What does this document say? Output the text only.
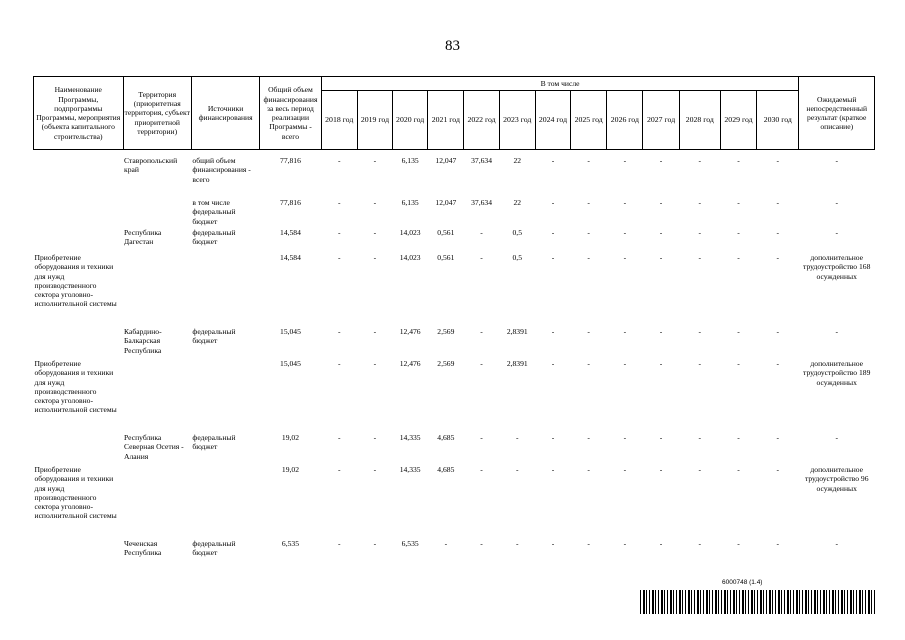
83
Наименование Программы, подпрограммы Программы, мероприятия (объекта капитального строительства)	Территория (приоритетная территория, субъект приоритетной территории)	Источники финансирования	Общий объем финансирования за весь период реализации Программы - всего	В том числе													Ожидаемый непосредственный результат (краткое описание)
				2018 год	2019 год	2020 год	2021 год	2022 год	2023 год	2024 год	2025 год	2026 год	2027 год	2028 год	2029 год	2030 год	

	Ставропольский край	общий объем финансирования - всего	77,816	-	-	6,135	12,047	37,634	22	-	-	-	-	-	-	-	-
		в том числе федеральный бюджет	77,816	-	-	6,135	12,047	37,634	22	-	-	-	-	-	-	-	-
	Республика Дагестан	федеральный бюджет	14,584	-	-	14,023	0,561	-	0,5	-	-	-	-	-	-	-	-
Приобретение оборудования и техники для нужд производственного сектора уголовно-исполнительной системы			14,584	-	-	14,023	0,561	-	0,5	-	-	-	-	-	-	-	дополнительное трудоустройство 168 осужденных
	Кабардино-Балкарская Республика	федеральный бюджет	15,045	-	-	12,476	2,569	-	2,8391	-	-	-	-	-	-	-	-
Приобретение оборудования и техники для нужд производственного сектора уголовно-исполнительной системы			15,045	-	-	12,476	2,569	-	2,8391	-	-	-	-	-	-	-	дополнительное трудоустройство 189 осужденных
	Республика Северная Осетия - Алания	федеральный бюджет	19,02	-	-	14,335	4,685	-	-	-	-	-	-	-	-	-	-
Приобретение оборудования и техники для нужд производственного сектора уголовно-исполнительной системы			19,02	-	-	14,335	4,685	-	-	-	-	-	-	-	-	-	дополнительное трудоустройство 96 осужденных
	Чеченская Республика	федеральный бюджет	6,535	-	-	6,535	-	-	-	-	-	-	-	-	-	-	-
6000748 (1.4)
